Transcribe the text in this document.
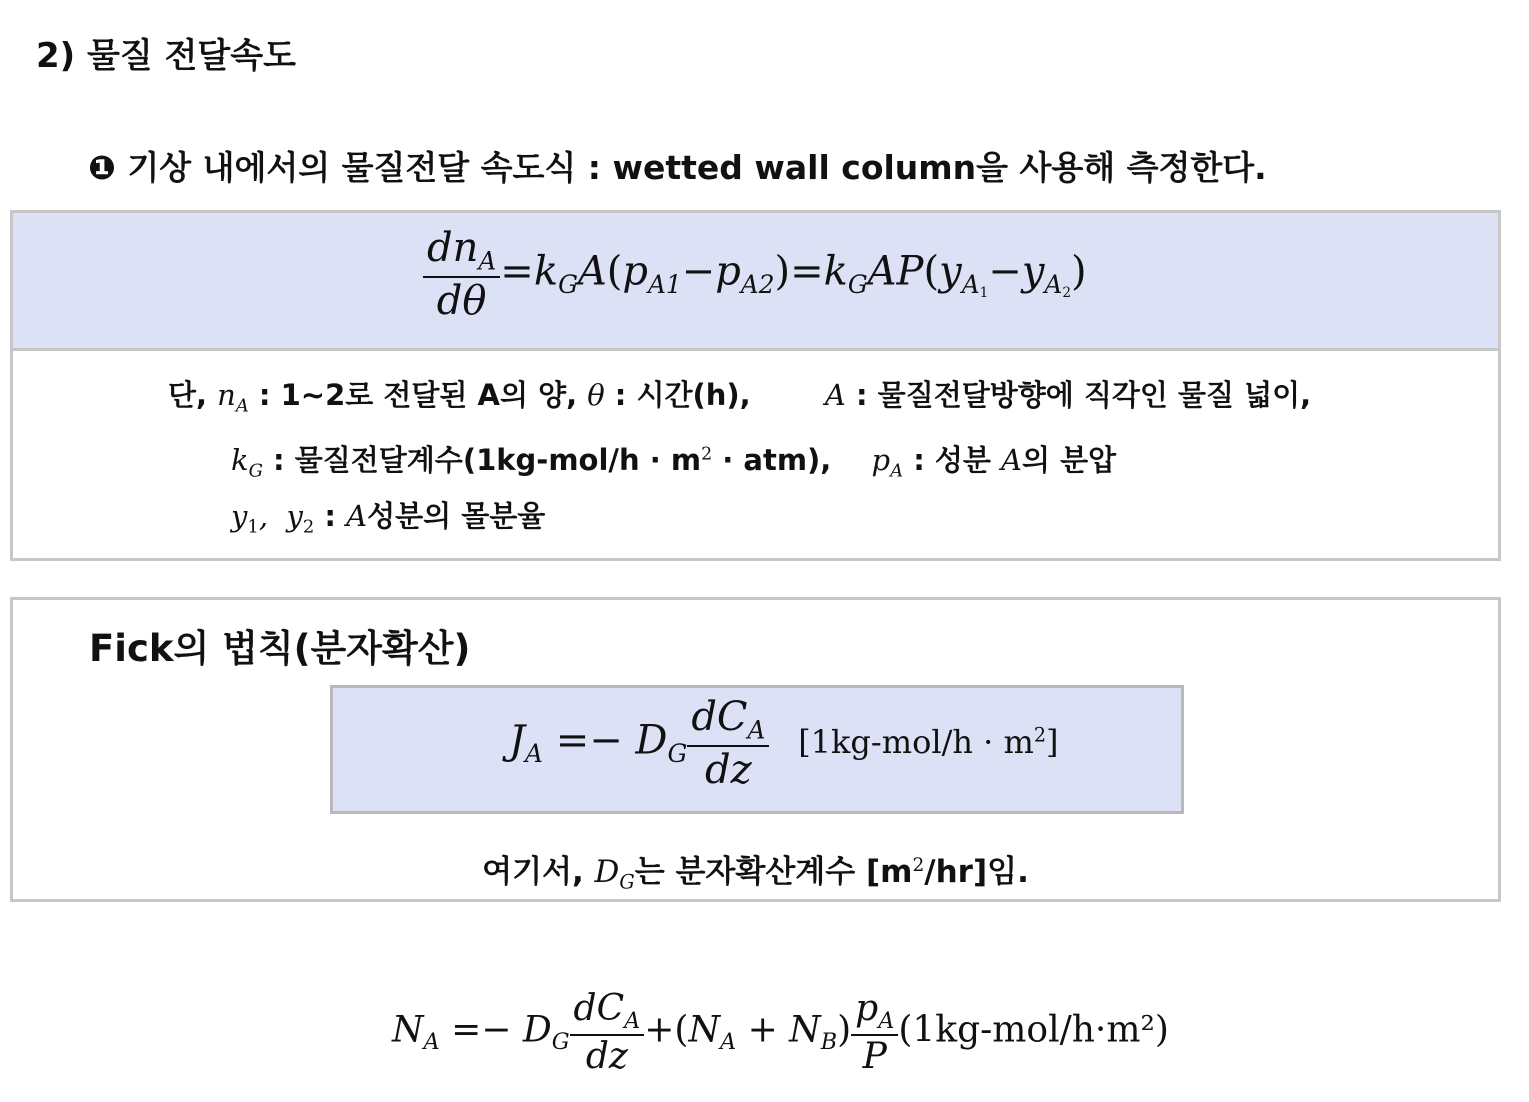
2) 물질 전달속도
❶ 기상 내에서의 물질전달 속도식 : wetted wall column을 사용해 측정한다.
$\frac{dn_A}{d\theta} =k_GA(p_{A1}-p_{A2})=k_GAP(y_{A1}-y_{A2})$
단, $n_A$ : 1~2로 전달된 A의 양, θ : 시간(h),	A : 물질전달방향에 직각인 물질 넓이,
$k_G$ : 물질전달계수$(1kg-mol/h \cdot m^2 \cdot atm)$, $p_A$ : 성분 A의 분압
$y_1$,  $y_2$ : A성분의 몰분율
Fick의 법칙(분자확산)
$J_A =- D_G \frac{dC_A}{dz} [1kg-mol/h \cdot m^2]$
여기서, $D_G$는 분자확산계수 $[m^2/hr]$임.
$N_A =- D_G \frac{dC_A}{dz} +(N_A + N_B) \frac{p_A}{P} (1kg-mol/h\cdot m^2)$
